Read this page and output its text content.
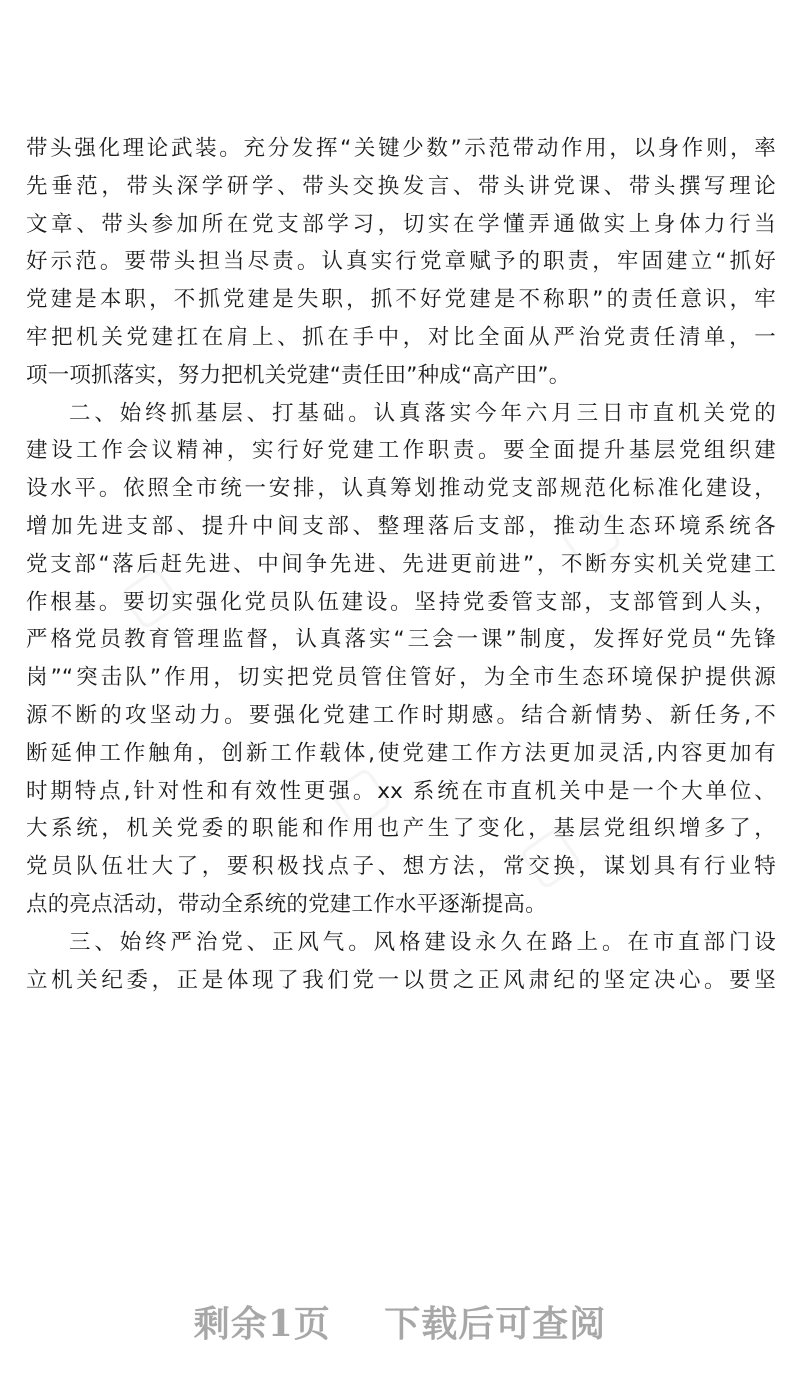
▢
▢
▢
▢
带头强化理论武装。充分发挥“关键少数”示范带动作用，以身作则，率
先垂范，带头深学研学、带头交换发言、带头讲党课、带头撰写理论
文章、带头参加所在党支部学习，切实在学懂弄通做实上身体力行当
好示范。要带头担当尽责。认真实行党章赋予的职责，牢固建立“抓好
党建是本职，不抓党建是失职，抓不好党建是不称职”的责任意识，牢
牢把机关党建扛在肩上、抓在手中，对比全面从严治党责任清单，一
项一项抓落实，努力把机关党建“责任田”种成“高产田”。
二、始终抓基层、打基础。认真落实今年六月三日市直机关党的
建设工作会议精神，实行好党建工作职责。要全面提升基层党组织建
设水平。依照全市统一安排，认真筹划推动党支部规范化标准化建设，
增加先进支部、提升中间支部、整理落后支部，推动生态环境系统各
党支部“落后赶先进、中间争先进、先进更前进”，不断夯实机关党建工
作根基。要切实强化党员队伍建设。坚持党委管支部，支部管到人头，
严格党员教育管理监督，认真落实“三会一课”制度，发挥好党员“先锋
岗”“突击队”作用，切实把党员管住管好，为全市生态环境保护提供源
源不断的攻坚动力。要强化党建工作时期感。结合新情势、新任务,不
断延伸工作触角，创新工作载体,使党建工作方法更加灵活,内容更加有
时期特点,针对性和有效性更强。xx 系统在市直机关中是一个大单位、
大系统，机关党委的职能和作用也产生了变化，基层党组织增多了，
党员队伍壮大了，要积极找点子、想方法，常交换，谋划具有行业特
点的亮点活动，带动全系统的党建工作水平逐渐提高。
三、始终严治党、正风气。风格建设永久在路上。在市直部门设
立机关纪委，正是体现了我们党一以贯之正风肃纪的坚定决心。要坚
剩余1页 下载后可查阅
